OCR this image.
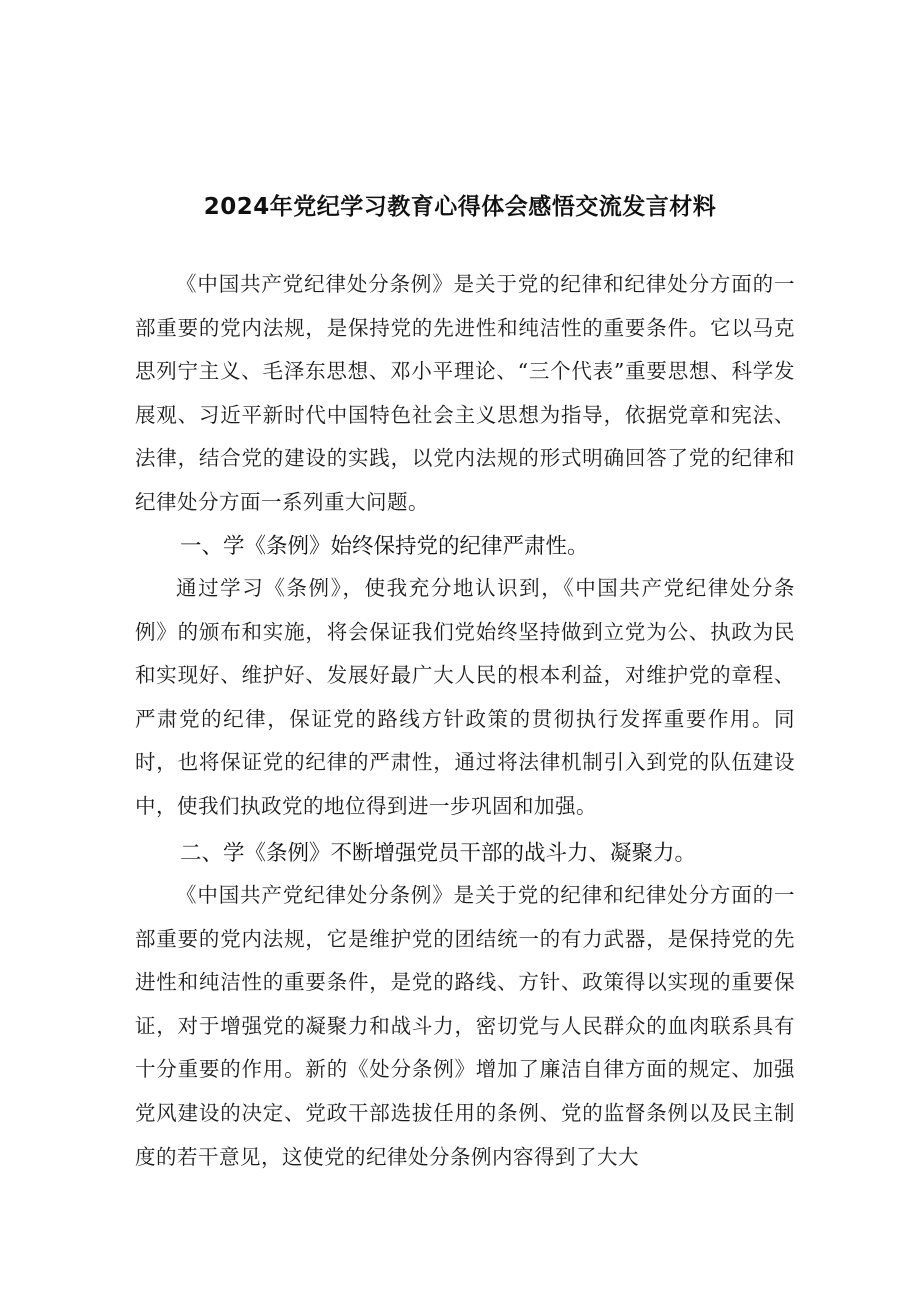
2024年党纪学习教育心得体会感悟交流发言材料

《中国共产党纪律处分条例》是关于党的纪律和纪律处分方面的一部重要的党内法规，是保持党的先进性和纯洁性的重要条件。它以马克思列宁主义、毛泽东思想、邓小平理论、“三个代表”重要思想、科学发展观、习近平新时代中国特色社会主义思想为指导，依据党章和宪法、法律，结合党的建设的实践，以党内法规的形式明确回答了党的纪律和纪律处分方面一系列重大问题。

一、学《条例》始终保持党的纪律严肃性。

通过学习《条例》，使我充分地认识到，《中国共产党纪律处分条例》的颁布和实施，将会保证我们党始终坚持做到立党为公、执政为民和实现好、维护好、发展好最广大人民的根本利益，对维护党的章程、严肃党的纪律，保证党的路线方针政策的贯彻执行发挥重要作用。同时，也将保证党的纪律的严肃性，通过将法律机制引入到党的队伍建设中，使我们执政党的地位得到进一步巩固和加强。

二、学《条例》不断增强党员干部的战斗力、凝聚力。

《中国共产党纪律处分条例》是关于党的纪律和纪律处分方面的一部重要的党内法规，它是维护党的团结统一的有力武器，是保持党的先进性和纯洁性的重要条件，是党的路线、方针、政策得以实现的重要保证，对于增强党的凝聚力和战斗力，密切党与人民群众的血肉联系具有十分重要的作用。新的《处分条例》增加了廉洁自律方面的规定、加强党风建设的决定、党政干部选拔任用的条例、党的监督条例以及民主制度的若干意见，这使党的纪律处分条例内容得到了大大
